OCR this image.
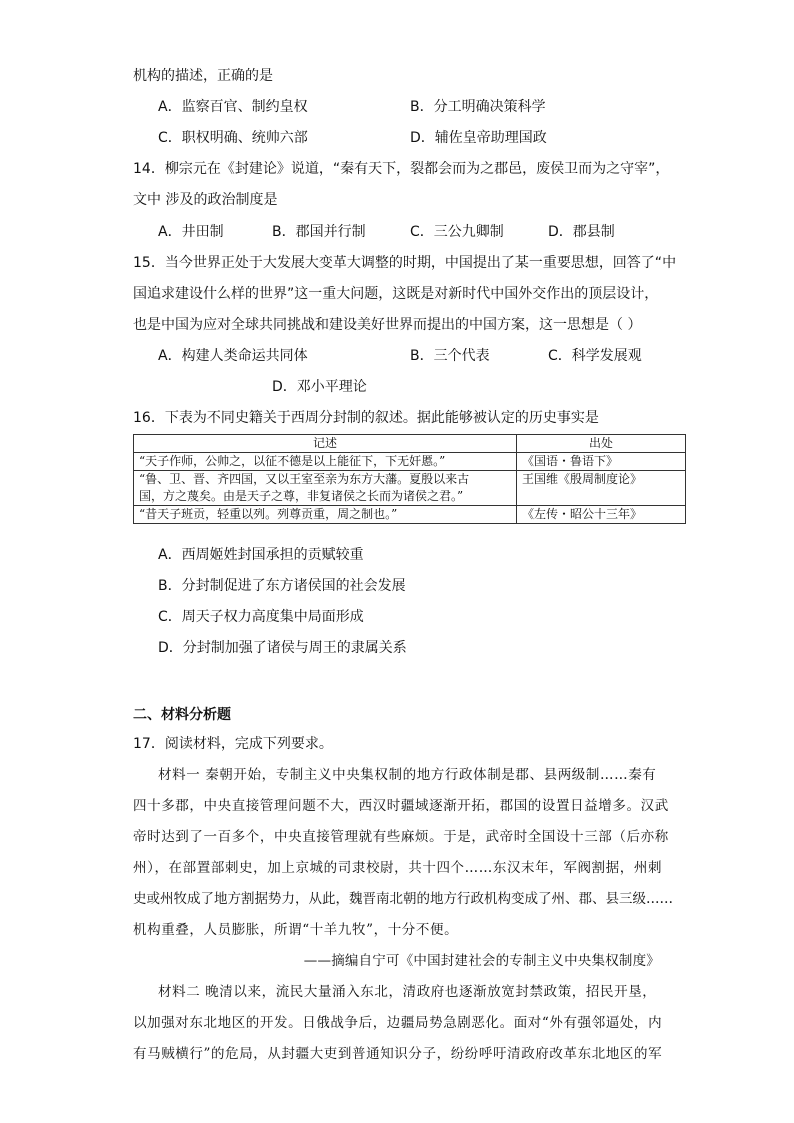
机构的描述，正确的是
A．监察百官、制约皇权	B．分工明确决策科学
C．职权明确、统帅六部	D．辅佐皇帝助理国政
14．柳宗元在《封建论》说道，“秦有天下，裂都会而为之郡邑，废侯卫而为之守宰”，
文中 涉及的政治制度是
A．井田制	B．郡国并行制	C．三公九卿制	D．郡县制
15．当今世界正处于大发展大变革大调整的时期，中国提出了某一重要思想，回答了“中
国追求建设什么样的世界”这一重大问题，这既是对新时代中国外交作出的顶层设计，
也是中国为应对全球共同挑战和建设美好世界而提出的中国方案，这一思想是（ ）
A．构建人类命运共同体	B．三个代表	C．科学发展观
D．邓小平理论
16．下表为不同史籍关于西周分封制的叙述。据此能够被认定的历史事实是
记述	出处
“天子作师，公帅之，以征不德是以上能征下，下无奸慝。”	《国语・鲁语下》

“鲁、卫、晋、齐四国，又以王室至亲为东方大藩。夏殷以来古
国，方之蔑矣。由是天子之尊，非复诸侯之长而为诸侯之君。”	王国维《殷周制度论》
“昔天子班贡，轻重以列。列尊贡重，周之制也。”	《左传・昭公十三年》
A．西周姬姓封国承担的贡赋较重
B．分封制促进了东方诸侯国的社会发展
C．周天子权力高度集中局面形成
D．分封制加强了诸侯与周王的隶属关系
二、材料分析题
17．阅读材料，完成下列要求。
材料一 秦朝开始，专制主义中央集权制的地方行政体制是郡、县两级制……秦有
四十多郡，中央直接管理问题不大，西汉时疆域逐渐开拓，郡国的设置日益增多。汉武
帝时达到了一百多个，中央直接管理就有些麻烦。于是，武帝时全国设十三部（后亦称
州），在部置部刺史，加上京城的司隶校尉，共十四个……东汉末年，军阀割据，州刺
史或州牧成了地方割据势力，从此，魏晋南北朝的地方行政机构变成了州、郡、县三级……
机构重叠，人员膨胀，所谓“十羊九牧”，十分不便。
——摘编自宁可《中国封建社会的专制主义中央集权制度》
材料二 晚清以来，流民大量涌入东北，清政府也逐渐放宽封禁政策，招民开垦，
以加强对东北地区的开发。日俄战争后，边疆局势急剧恶化。面对“外有强邻逼处，内
有马贼横行”的危局，从封疆大吏到普通知识分子，纷纷呼吁清政府改革东北地区的军
